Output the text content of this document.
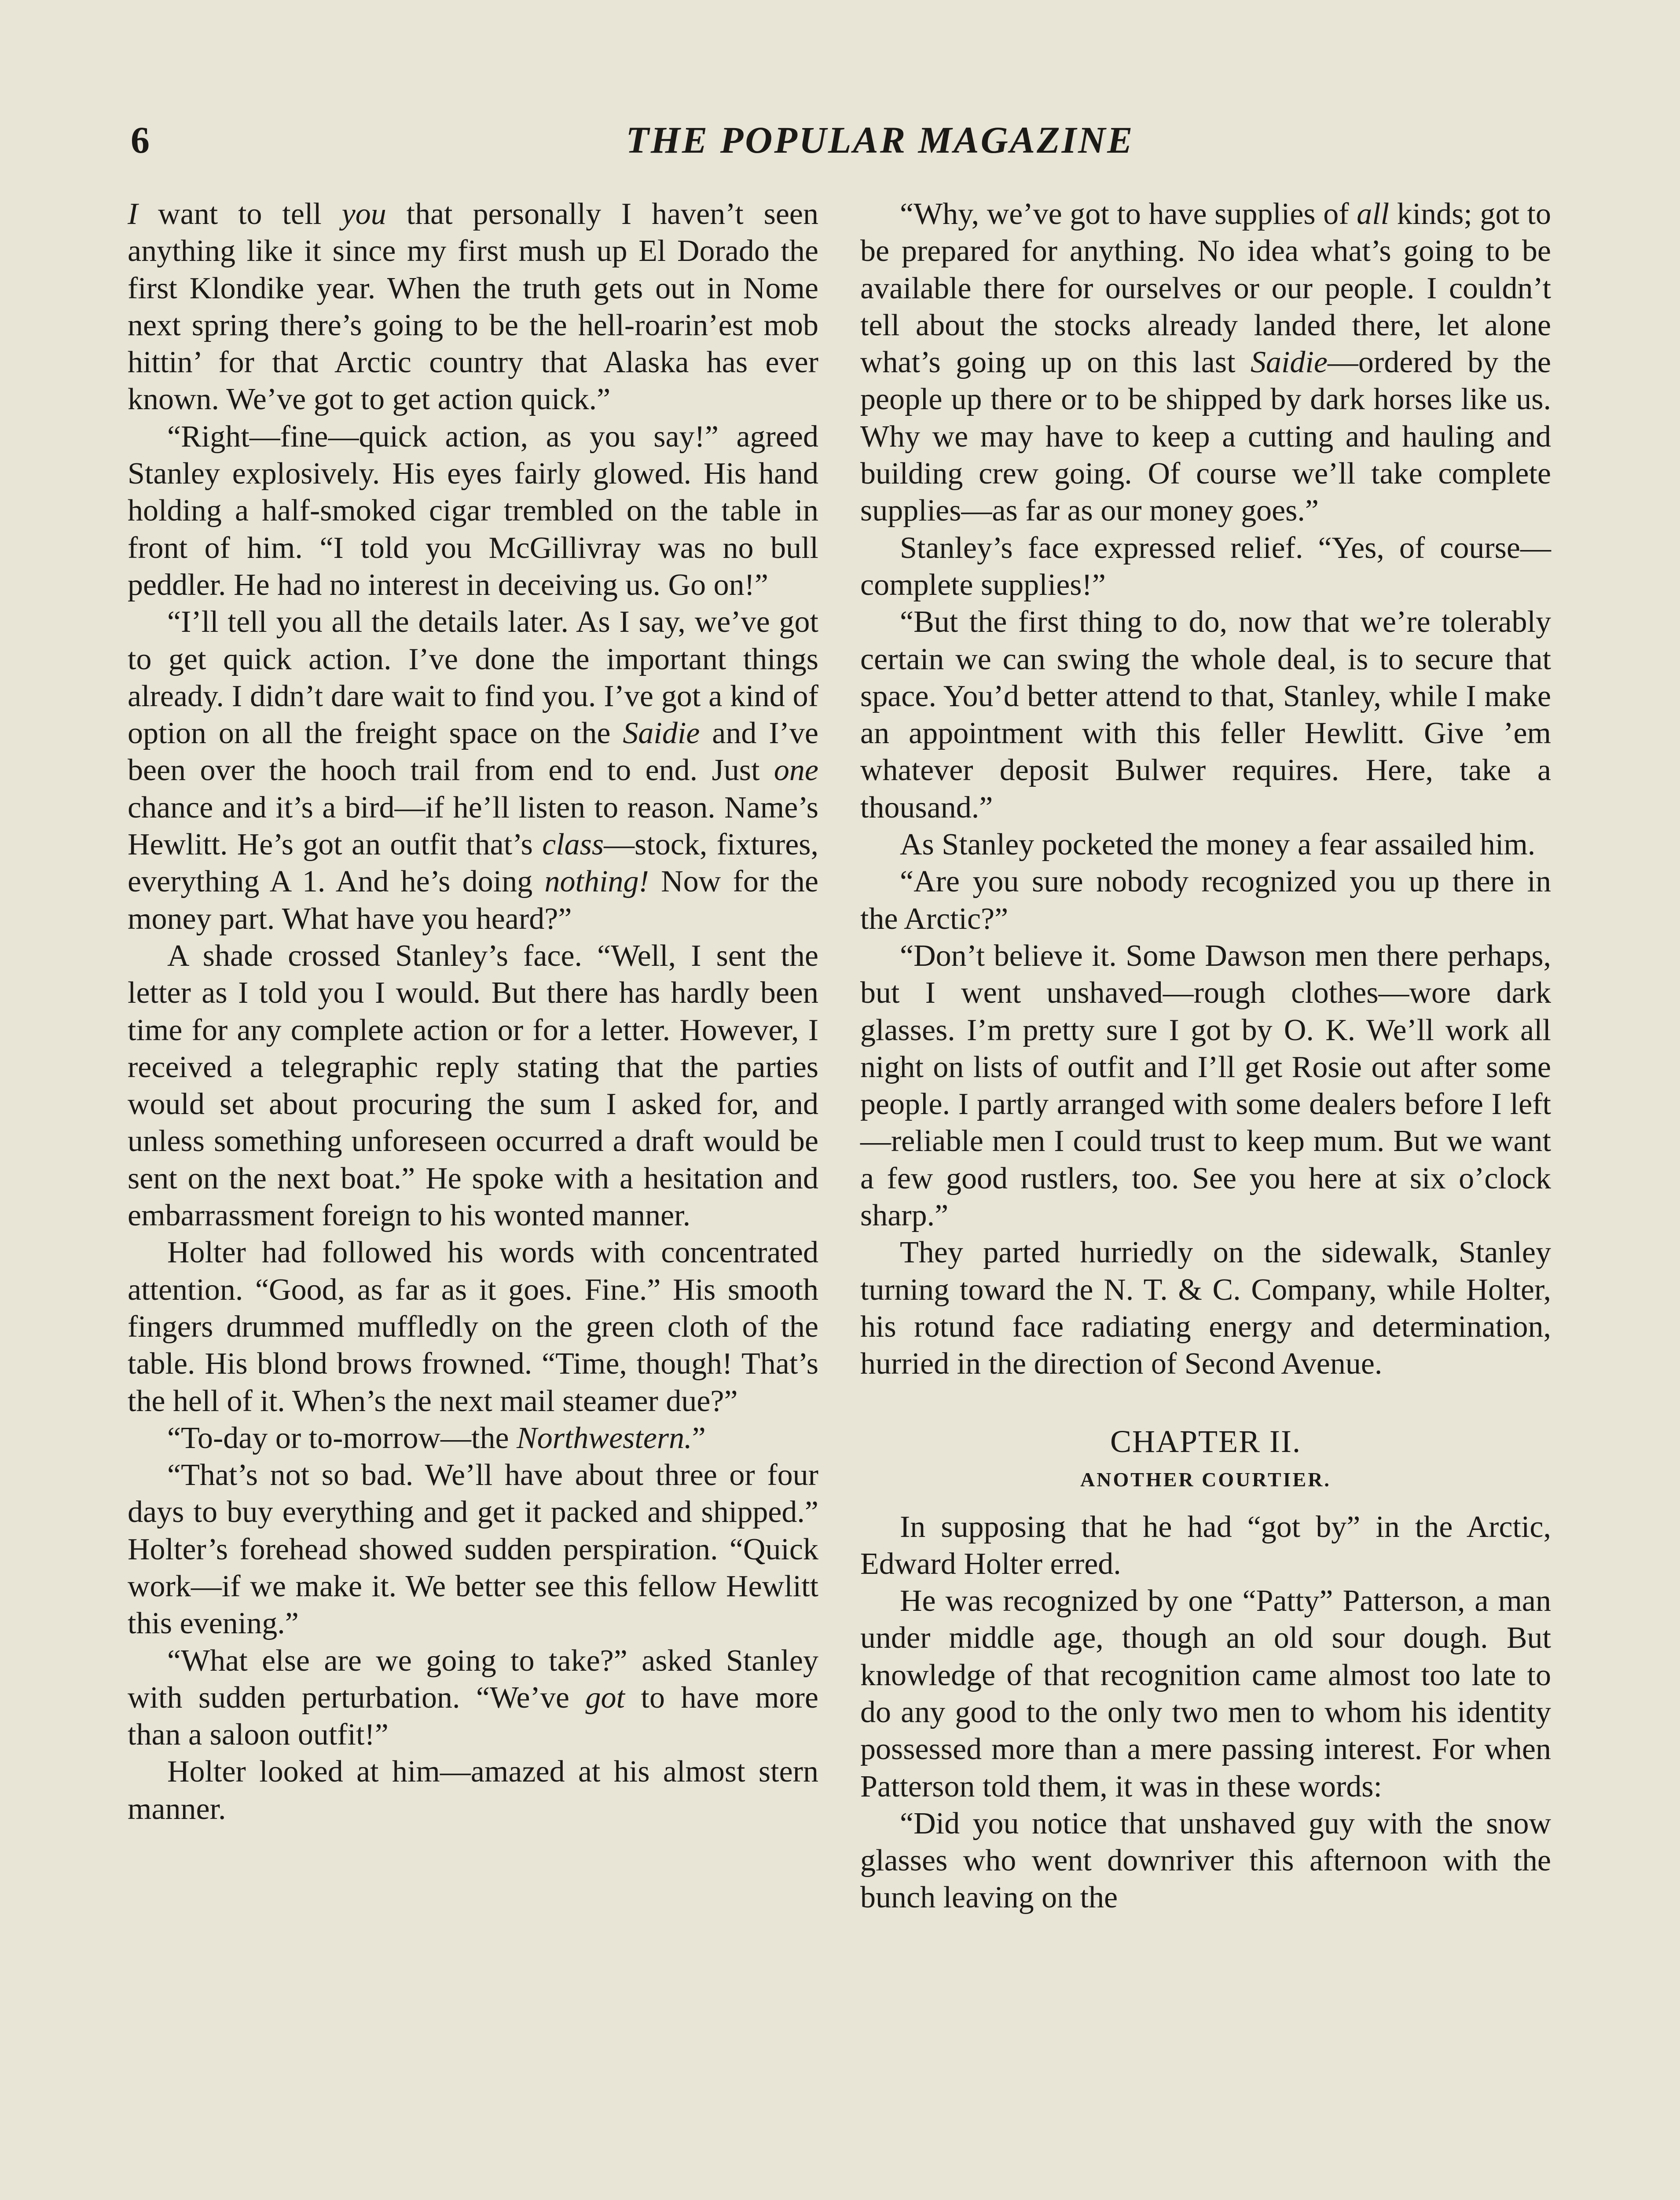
6	THE POPULAR MAGAZINE

I want to tell you that personally I haven’t seen anything like it since my first mush up El Dorado the first Klondike year. When the truth gets out in Nome next spring there’s going to be the hell-roarin’est mob hittin’ for that Arctic country that Alaska has ever known. We’ve got to get action quick.”

“Right—fine—quick action, as you say!” agreed Stanley explosively. His eyes fairly glowed. His hand holding a half-smoked cigar trembled on the table in front of him. “I told you McGillivray was no bull peddler. He had no interest in deceiving us. Go on!”

“I’ll tell you all the details later. As I say, we’ve got to get quick action. I’ve done the important things already. I didn’t dare wait to find you. I’ve got a kind of option on all the freight space on the Saidie and I’ve been over the hooch trail from end to end. Just one chance and it’s a bird—if he’ll listen to reason. Name’s Hewlitt. He’s got an outfit that’s class—stock, fixtures, everything A 1. And he’s doing nothing! Now for the money part. What have you heard?”

A shade crossed Stanley’s face. “Well, I sent the letter as I told you I would. But there has hardly been time for any complete action or for a letter. However, I received a telegraphic reply stating that the parties would set about procuring the sum I asked for, and unless something unforeseen occurred a draft would be sent on the next boat.” He spoke with a hesitation and embarrassment foreign to his wonted manner.

Holter had followed his words with concentrated attention. “Good, as far as it goes. Fine.” His smooth fingers drummed muffledly on the green cloth of the table. His blond brows frowned. “Time, though! That’s the hell of it. When’s the next mail steamer due?”

“To-day or to-morrow—the Northwestern.”

“That’s not so bad. We’ll have about three or four days to buy everything and get it packed and shipped.” Holter’s forehead showed sudden perspiration. “Quick work—if we make it. We better see this fellow Hewlitt this evening.”

“What else are we going to take?” asked Stanley with sudden perturbation. “We’ve got to have more than a saloon outfit!”

Holter looked at him—amazed at his almost stern manner.

“Why, we’ve got to have supplies of all kinds; got to be prepared for anything. No idea what’s going to be available there for ourselves or our people. I couldn’t tell about the stocks already landed there, let alone what’s going up on this last Saidie—ordered by the people up there or to be shipped by dark horses like us. Why we may have to keep a cutting and hauling and building crew going. Of course we’ll take complete supplies—as far as our money goes.”

Stanley’s face expressed relief. “Yes, of course—complete supplies!”

“But the first thing to do, now that we’re tolerably certain we can swing the whole deal, is to secure that space. You’d better attend to that, Stanley, while I make an appointment with this feller Hewlitt. Give ’em whatever deposit Bulwer requires. Here, take a thousand.”

As Stanley pocketed the money a fear assailed him.

“Are you sure nobody recognized you up there in the Arctic?”

“Don’t believe it. Some Dawson men there perhaps, but I went unshaved—rough clothes—wore dark glasses. I’m pretty sure I got by O. K. We’ll work all night on lists of outfit and I’ll get Rosie out after some people. I partly arranged with some dealers before I left—reliable men I could trust to keep mum. But we want a few good rustlers, too. See you here at six o’clock sharp.”

They parted hurriedly on the sidewalk, Stanley turning toward the N. T. & C. Company, while Holter, his rotund face radiating energy and determination, hurried in the direction of Second Avenue.

CHAPTER II.
ANOTHER COURTIER.

In supposing that he had “got by” in the Arctic, Edward Holter erred.

He was recognized by one “Patty” Patterson, a man under middle age, though an old sour dough. But knowledge of that recognition came almost too late to do any good to the only two men to whom his identity possessed more than a mere passing interest. For when Patterson told them, it was in these words:

“Did you notice that unshaved guy with the snow glasses who went downriver this afternoon with the bunch leaving on the
